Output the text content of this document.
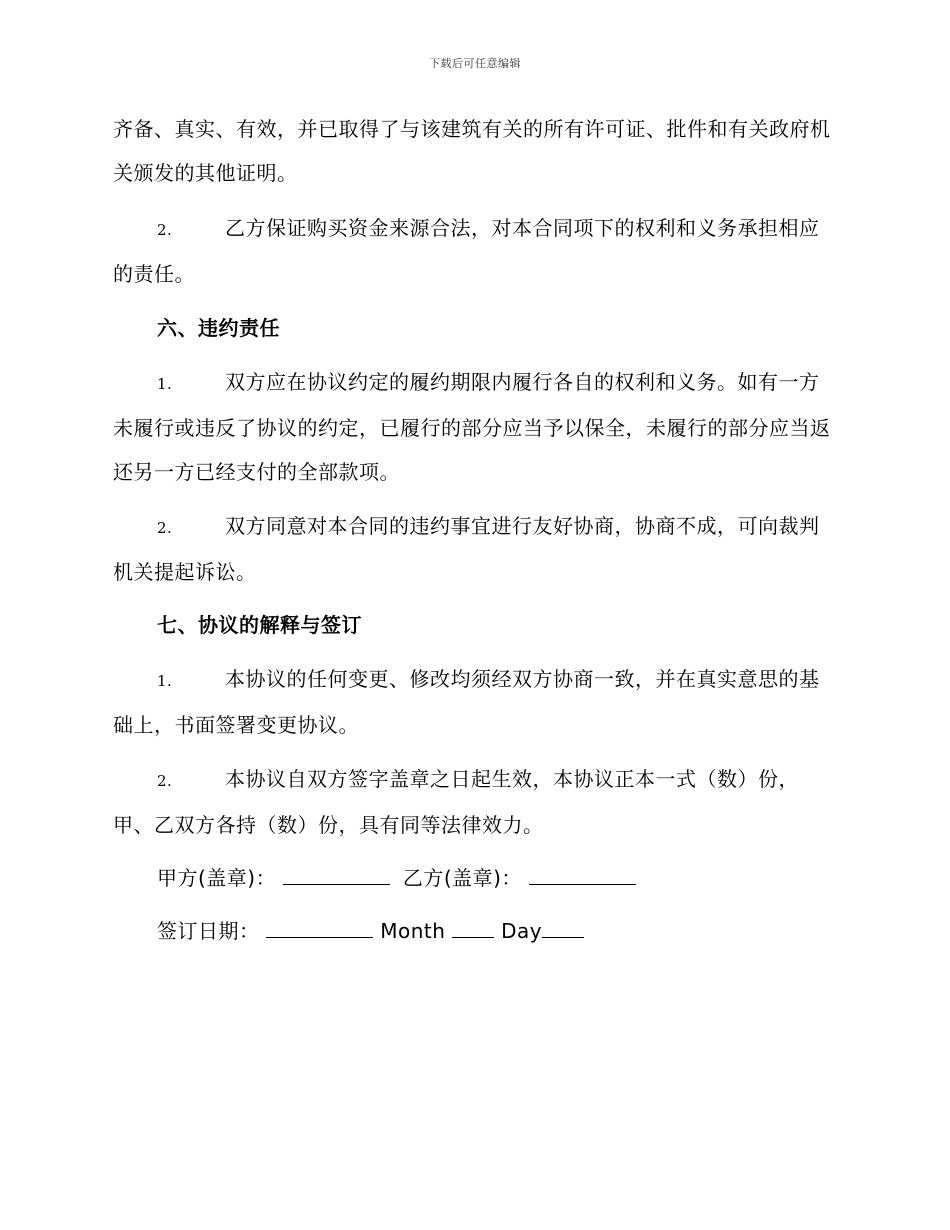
下载后可任意编辑

齐备、真实、有效，并已取得了与该建筑有关的所有许可证、批件和有关政府机关颁发的其他证明。

2.	乙方保证购买资金来源合法，对本合同项下的权利和义务承担相应的责任。

六、违约责任

1.	双方应在协议约定的履约期限内履行各自的权利和义务。如有一方未履行或违反了协议的约定，已履行的部分应当予以保全，未履行的部分应当返还另一方已经支付的全部款项。

2.	双方同意对本合同的违约事宜进行友好协商，协商不成，可向裁判机关提起诉讼。

七、协议的解释与签订

1.	本协议的任何变更、修改均须经双方协商一致，并在真实意思的基础上，书面签署变更协议。

2.	本协议自双方签字盖章之日起生效，本协议正本一式（数）份，甲、乙双方各持（数）份，具有同等法律效力。

甲方(盖章)：	乙方(盖章)：
签订日期：	Month	Day
